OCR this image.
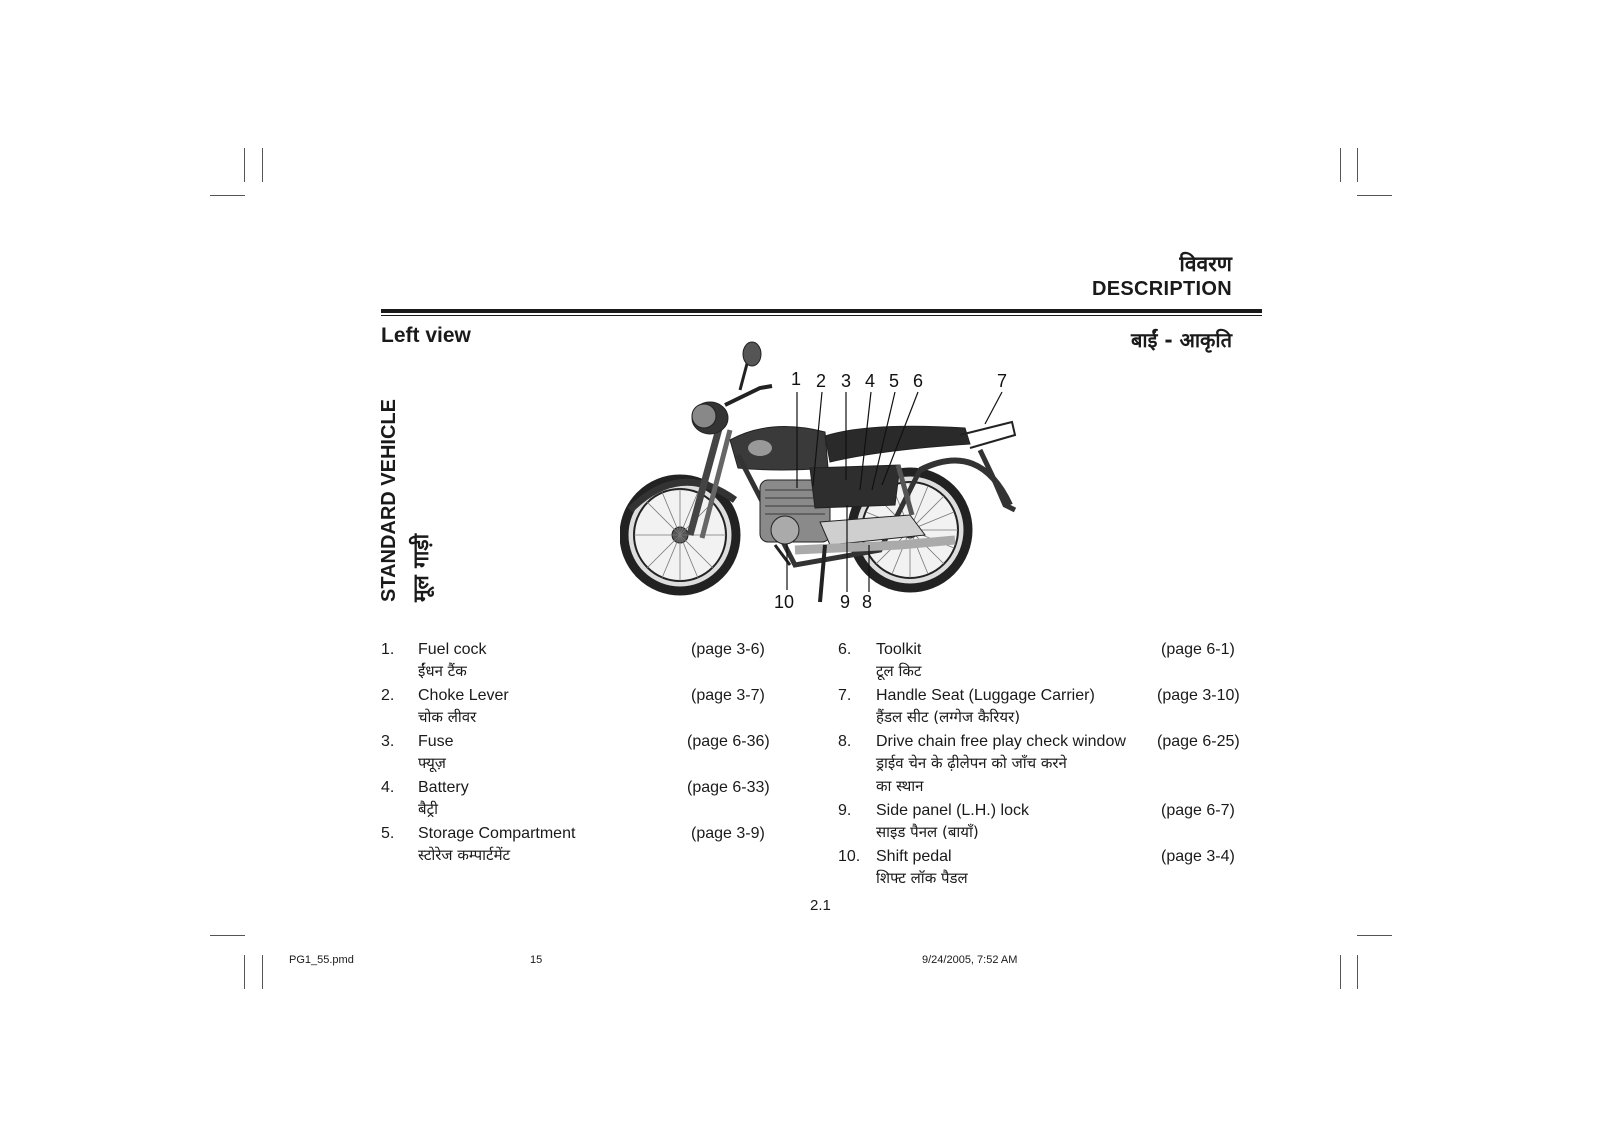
विवरण
DESCRIPTION
Left view	बाईं - आकृति
STANDARD VEHICLE मूल गाड़ी
1 2 3 4 5 6	7
10	9 8
1. Fuel cock
ईंधन टैंक
(page 3-6)
2. Choke Lever
चोक लीवर
(page 3-7)
3. Fuse
फ्यूज़
(page 6-36)
4. Battery
बैट्री
(page 6-33)
5. Storage Compartment
स्टोरेज कम्पार्टमेंट
(page 3-9)
6. Toolkit
टूल किट
(page 6-1)
7. Handle Seat (Luggage Carrier)
हैंडल सीट (लग्गेज कैरियर)
(page 3-10)
8. Drive chain free play check window
ड्राईव चेन के ढ़ीलेपन को जाँच करने
का स्थान
(page 6-25)
9. Side panel (L.H.) lock
साइड पैनल (बायाँ)
(page 6-7)
10. Shift pedal
शिफ्ट लॉक पैडल
(page 3-4)
2.1
PG1_55.pmd	15	9/24/2005, 7:52 AM
